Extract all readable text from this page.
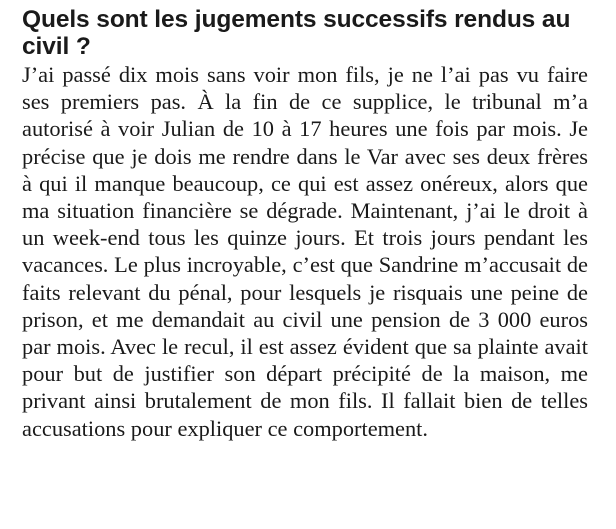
Quels sont les jugements successifs rendus au civil ?

J’ai passé dix mois sans voir mon fils, je ne l’ai pas vu faire ses premiers pas. À la fin de ce supplice, le tribunal m’a autorisé à voir Julian de 10 à 17 heures une fois par mois. Je précise que je dois me rendre dans le Var avec ses deux frères à qui il manque beaucoup, ce qui est assez onéreux, alors que ma situation financière se dégrade. Maintenant, j’ai le droit à un week-end tous les quinze jours. Et trois jours pendant les vacances. Le plus incroyable, c’est que Sandrine m’accusait de faits relevant du pénal, pour lesquels je risquais une peine de prison, et me demandait au civil une pension de 3 000 euros par mois. Avec le recul, il est assez évident que sa plainte avait pour but de justifier son départ précipité de la maison, me privant ainsi brutalement de mon fils. Il fallait bien de telles accusations pour expliquer ce comportement.
